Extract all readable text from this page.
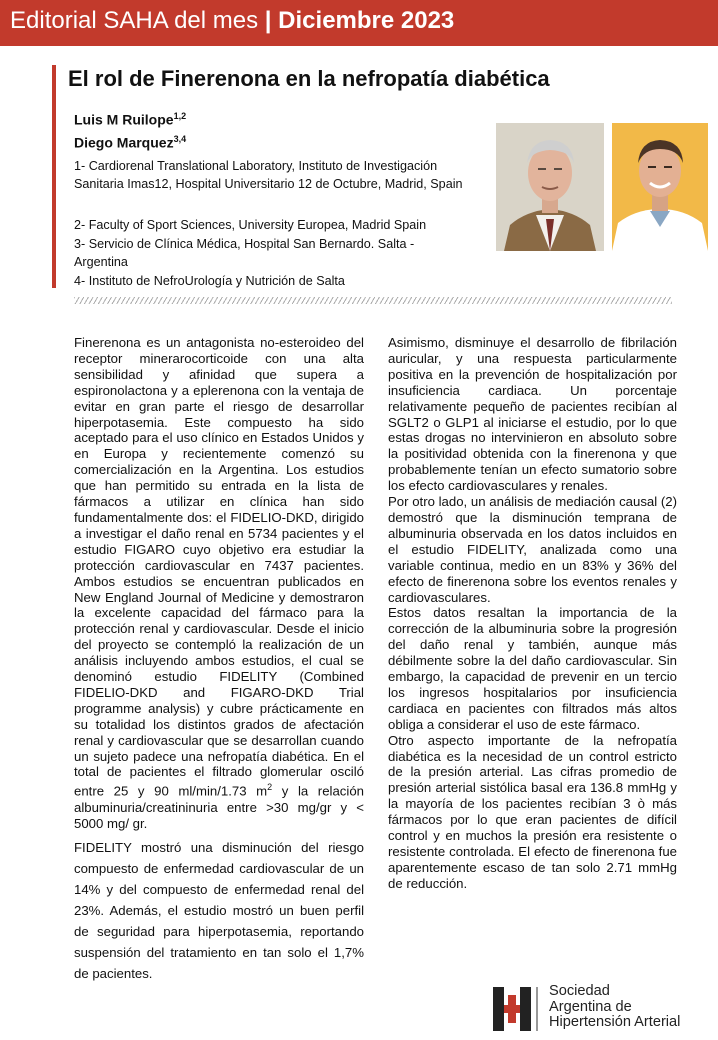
Editorial SAHA del mes | Diciembre 2023
El rol de Finerenona en la nefropatía diabética
Luis M Ruilope$^{1,2}$
Diego Marquez$^{3,4}$
1- Cardiorenal Translational Laboratory, Instituto de Investigación Sanitaria Imas12, Hospital Universitario 12 de Octubre, Madrid, Spain
2- Faculty of Sport Sciences, University Europea, Madrid Spain
3- Servicio de Clínica Médica, Hospital San Bernardo. Salta - Argentina
4- Instituto de NefroUrología y Nutrición de Salta

Finerenona es un antagonista no-esteroideo del receptor minerarocorticoide con una alta sensibilidad y afinidad que supera a espironolactona y a eplerenona con la ventaja de evitar en gran parte el riesgo de desarrollar hiperpotasemia. Este compuesto ha sido aceptado para el uso clínico en Estados Unidos y en Europa y recientemente comenzó su comercialización en la Argentina. Los estudios que han permitido su entrada en la lista de fármacos a utilizar en clínica han sido fundamentalmente dos: el FIDELIO-DKD, dirigido a investigar el daño renal en 5734 pacientes y el estudio FIGARO cuyo objetivo era estudiar la protección cardiovascular en 7437 pacientes. Ambos estudios se encuentran publicados en New England Journal of Medicine y demostraron la excelente capacidad del fármaco para la protección renal y cardiovascular. Desde el inicio del proyecto se contempló la realización de un análisis incluyendo ambos estudios, el cual se denominó estudio FIDELITY (Combined FIDELIO-DKD and FIGARO-DKD Trial programme analysis) y cubre prácticamente en su totalidad los distintos grados de afectación renal y cardiovascular que se desarrollan cuando un sujeto padece una nefropatía diabética. En el total de pacientes el filtrado glomerular osciló entre 25 y 90 ml/min/1.73 $m^2$ y la relación albuminuria/creatininuria entre >30 mg/gr y < 5000 mg/ gr.

FIDELITY mostró una disminución del riesgo compuesto de enfermedad cardiovascular de un 14% y del compuesto de enfermedad renal del 23%. Además, el estudio mostró un buen perfil de seguridad para hiperpotasemia, reportando suspensión del tratamiento en tan solo el 1,7% de pacientes.

Asimismo, disminuye el desarrollo de fibrilación auricular, y una respuesta particularmente positiva en la prevención de hospitalización por insuficiencia cardiaca. Un porcentaje relativamente pequeño de pacientes recibían al SGLT2 o GLP1 al iniciarse el estudio, por lo que estas drogas no intervinieron en absoluto sobre la positividad obtenida con la finerenona y que probablemente tenían un efecto sumatorio sobre los efecto cardiovasculares y renales.

Por otro lado, un análisis de mediación causal (2) demostró que la disminución temprana de albuminuria observada en los datos incluidos en el estudio FIDELITY, analizada como una variable continua, medio en un 83% y 36% del efecto de finerenona sobre los eventos renales y cardiovasculares.

Estos datos resaltan la importancia de la corrección de la albuminuria sobre la progresión del daño renal y también, aunque más débilmente sobre la del daño cardiovascular. Sin embargo, la capacidad de prevenir en un tercio los ingresos hospitalarios por insuficiencia cardiaca en pacientes con filtrados más altos obliga a considerar el uso de este fármaco.

Otro aspecto importante de la nefropatía diabética es la necesidad de un control estricto de la presión arterial. Las cifras promedio de presión arterial sistólica basal era 136.8 mmHg y la mayoría de los pacientes recibían 3 ò más fármacos por lo que eran pacientes de difícil control y en muchos la presión era resistente o resistente controlada. El efecto de finerenona fue aparentemente escaso de tan solo 2.71 mmHg de reducción.

Sociedad
Argentina de
Hipertensión Arterial
